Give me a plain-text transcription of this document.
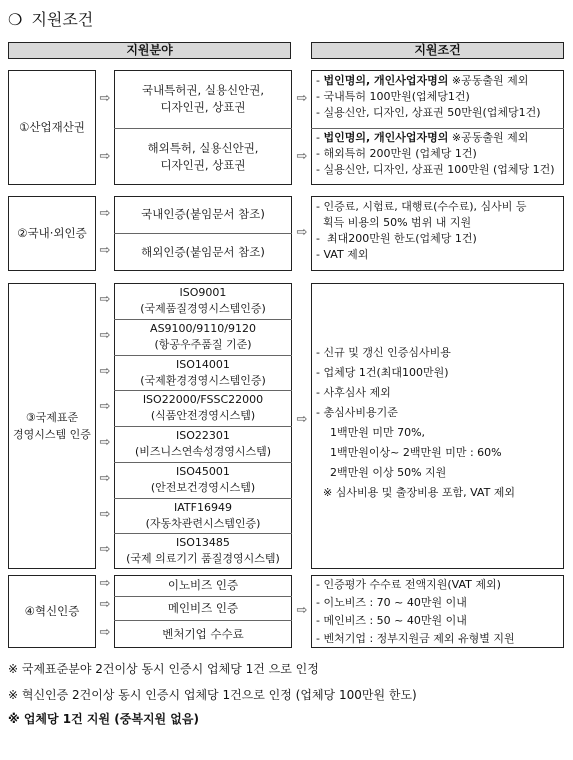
❍ 지원조건
지원분야	지원조건
①산업재산권
⇨
⇨
국내특허권, 실용신안권,
디자인권, 상표권
해외특허, 실용신안권,
디자인권, 상표권
⇨
⇨
- 법인명의, 개인사업자명의 ※공동출원 제외
- 국내특허 100만원(업체당1건)
- 실용신안, 디자인, 상표권 50만원(업체당1건)
- 법인명의, 개인사업자명의 ※공동출원 제외
- 해외특허 200만원 (업체당 1건)
- 실용신안, 디자인, 상표권 100만원 (업체당 1건)
②국내·외인증
⇨
⇨
국내인증(붙임문서 참조)
해외인증(붙임문서 참조)
⇨
- 인증료, 시험료, 대행료(수수료), 심사비 등
획득 비용의 50% 범위 내 지원
-  최대200만원 한도(업체당 1건)
- VAT 제외
③국제표준
경영시스템 인증
ISO9001
(국제품질경영시스템인증)
⇨
AS9100/9110/9120
(항공우주품질 기준)
⇨
ISO14001
(국제환경경영시스템인증)
⇨
ISO22000/FSSC22000
(식품안전경영시스템)
⇨
ISO22301
(비즈니스연속성경영시스템)
⇨
ISO45001
(안전보건경영시스템)
⇨
IATF16949
(자동차관련시스템인증)
⇨
ISO13485
(국제 의료기기 품질경영시스템)
⇨
⇨
- 신규 및 갱신 인증심사비용
- 업체당 1건(최대100만원)
- 사후심사 제외
- 총심사비용기준
1백만원 미만 70%,
1백만원이상~ 2백만원 미만 : 60%
2백만원 이상 50% 지원
※ 심사비용 및 출장비용 포함, VAT 제외
④혁신인증
⇨
⇨
⇨
이노비즈 인증
메인비즈 인증
벤처기업 수수료
⇨
- 인증평가 수수료 전액지원(VAT 제외)
- 이노비즈 : 70 ~ 40만원 이내
- 메인비즈 : 50 ~ 40만원 이내
- 벤처기업 : 정부지원금 제외 유형별 지원
※ 국제표준분야 2건이상 동시 인증시 업체당 1건 으로 인정
※ 혁신인증 2건이상 동시 인증시 업체당 1건으로 인정 (업체당 100만원 한도)
※ 업체당 1건 지원 (중복지원 없음)
